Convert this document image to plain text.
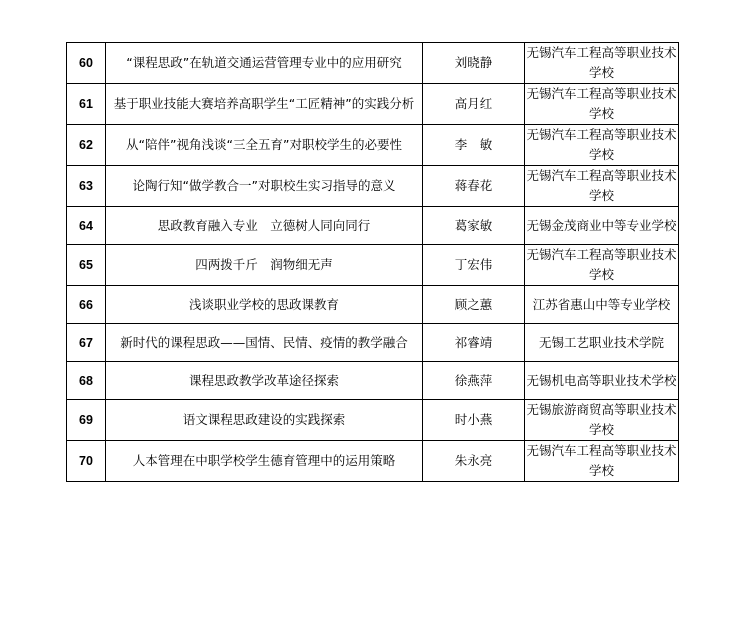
60	“课程思政”在轨道交通运营管理专业中的应用研究	刘晓静	无锡汽车工程高等职业技术学校
61	基于职业技能大赛培养高职学生“工匠精神”的实践分析	高月红	无锡汽车工程高等职业技术学校
62	从“陪伴”视角浅谈“三全五育”对职校学生的必要性	李　敏	无锡汽车工程高等职业技术学校
63	论陶行知“做学教合一”对职校生实习指导的意义	蒋春花	无锡汽车工程高等职业技术学校
64	思政教育融入专业　立德树人同向同行	葛家敏	无锡金茂商业中等专业学校
65	四两拨千斤　润物细无声	丁宏伟	无锡汽车工程高等职业技术学校
66	浅谈职业学校的思政课教育	顾之蕙	江苏省惠山中等专业学校
67	新时代的课程思政——国情、民情、疫情的教学融合	祁睿靖	无锡工艺职业技术学院
68	课程思政教学改革途径探索	徐燕萍	无锡机电高等职业技术学校
69	语文课程思政建设的实践探索	时小燕	无锡旅游商贸高等职业技术学校
70	人本管理在中职学校学生德育管理中的运用策略	朱永亮	无锡汽车工程高等职业技术学校
